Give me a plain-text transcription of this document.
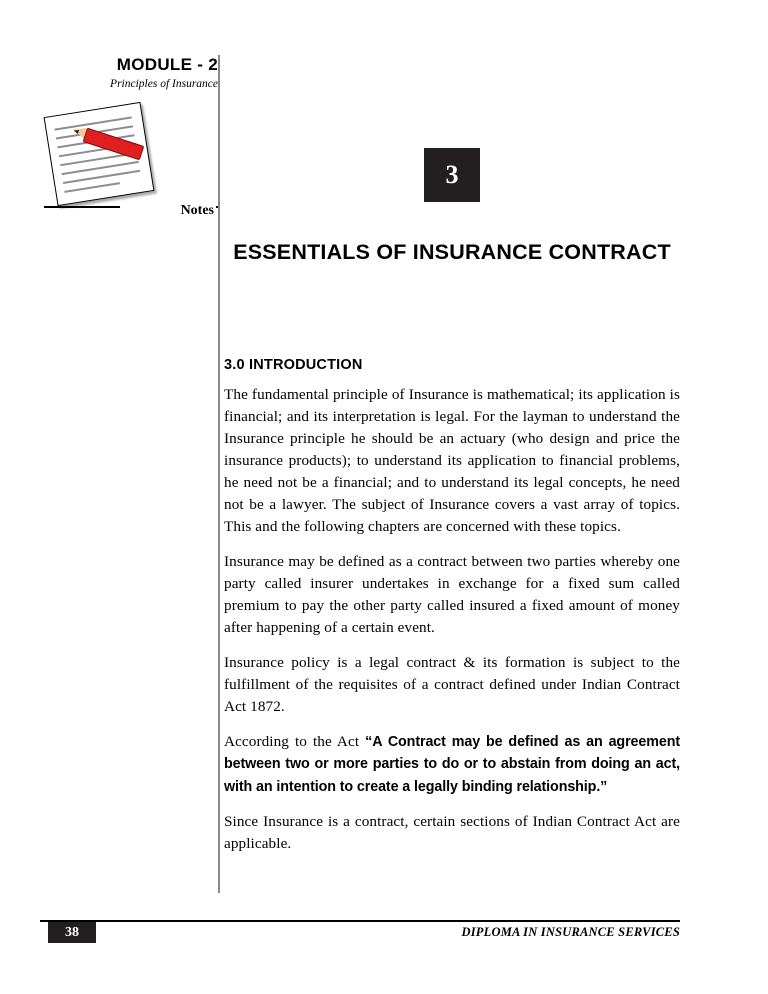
MODULE - 2
Principles of Insurance
Notes
3
ESSENTIALS OF INSURANCE CONTRACT
3.0 INTRODUCTION

The fundamental principle of Insurance is mathematical; its application is financial; and its interpretation is legal. For the layman to understand the Insurance principle he should be an actuary (who design and price the insurance products); to understand its application to financial problems, he need not be a financial; and to understand its legal concepts, he need not be a lawyer. The subject of Insurance covers a vast array of topics. This and the following chapters are concerned with these topics.

Insurance may be defined as a contract between two parties whereby one party called insurer undertakes in exchange for a fixed sum called premium to pay the other party called insured a fixed amount of money after happening of a certain event.

Insurance policy is a legal contract & its formation is subject to the fulfillment of the requisites of a contract defined under Indian Contract Act 1872.

According to the Act “A Contract may be defined as an agreement between two or more parties to do or to abstain from doing an act, with an intention to create a legally binding relationship.”

Since Insurance is a contract, certain sections of Indian Contract Act are applicable.

38	DIPLOMA IN INSURANCE SERVICES
